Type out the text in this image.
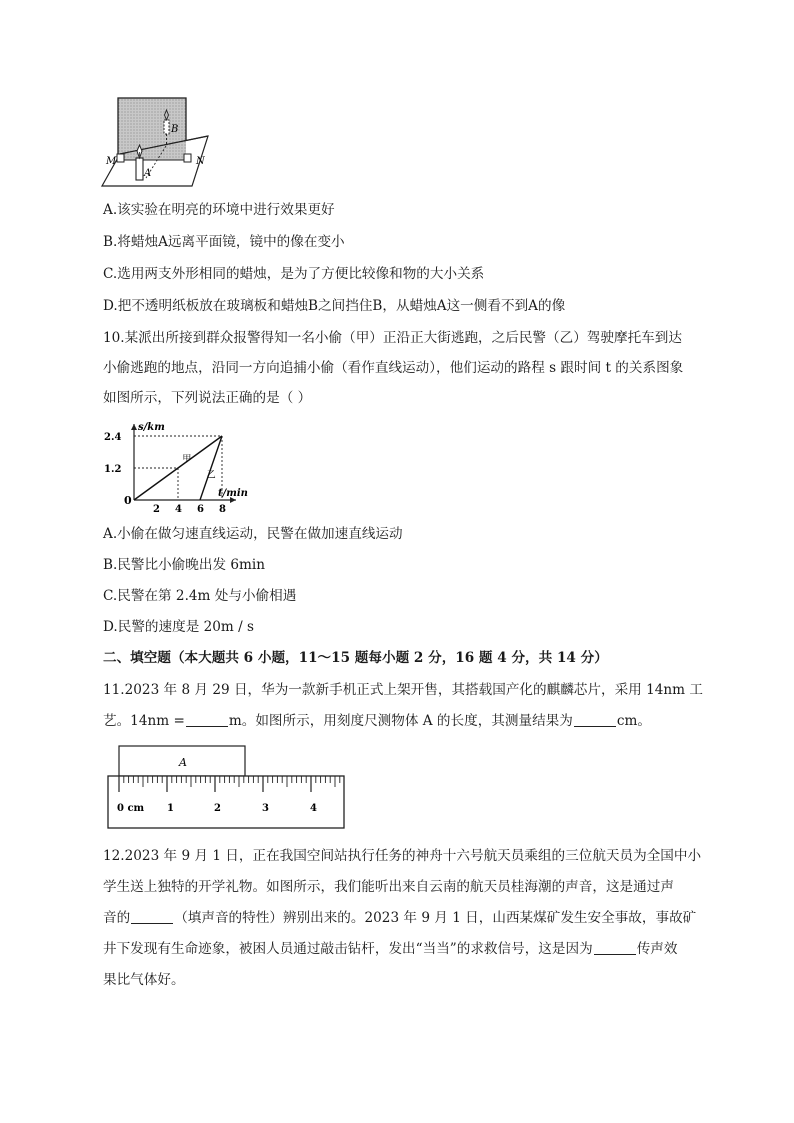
B
A
M	N
A.该实验在明亮的环境中进行效果更好
B.将蜡烛A远离平面镜，镜中的像在变小
C.选用两支外形相同的蜡烛，是为了方便比较像和物的大小关系
D.把不透明纸板放在玻璃板和蜡烛B之间挡住B，从蜡烛A这一侧看不到A的像
10.某派出所接到群众报警得知一名小偷（甲）正沿正大街逃跑，之后民警（乙）驾驶摩托车到达
小偷逃跑的地点，沿同一方向追捕小偷（看作直线运动），他们运动的路程 s 跟时间 t 的关系图象
如图所示，下列说法正确的是（ ）
s/km
t/min
0
2 4 6 8
1.2
2.4
甲
乙
A.小偷在做匀速直线运动，民警在做加速直线运动
B.民警比小偷晚出发 6min
C.民警在第 2.4m 处与小偷相遇
D.民警的速度是 20m / s
二、填空题（本大题共 6 小题，11～15 题每小题 2 分，16 题 4 分，共 14 分）
11.2023 年 8 月 29 日，华为一款新手机正式上架开售，其搭载国产化的麒麟芯片，采用 14nm 工
艺。14nm =	m。如图所示，用刻度尺测物体 A 的长度，其测量结果为	cm。
A
0 cm 1	2	3	4
12.2023 年 9 月 1 日，正在我国空间站执行任务的神舟十六号航天员乘组的三位航天员为全国中小
学生送上独特的开学礼物。如图所示，我们能听出来自云南的航天员桂海潮的声音，这是通过声
音的	（填声音的特性）辨别出来的。2023 年 9 月 1 日，山西某煤矿发生安全事故，事故矿
井下发现有生命迹象，被困人员通过敲击钻杆，发出“当当”的求救信号，这是因为	传声效
果比气体好。
